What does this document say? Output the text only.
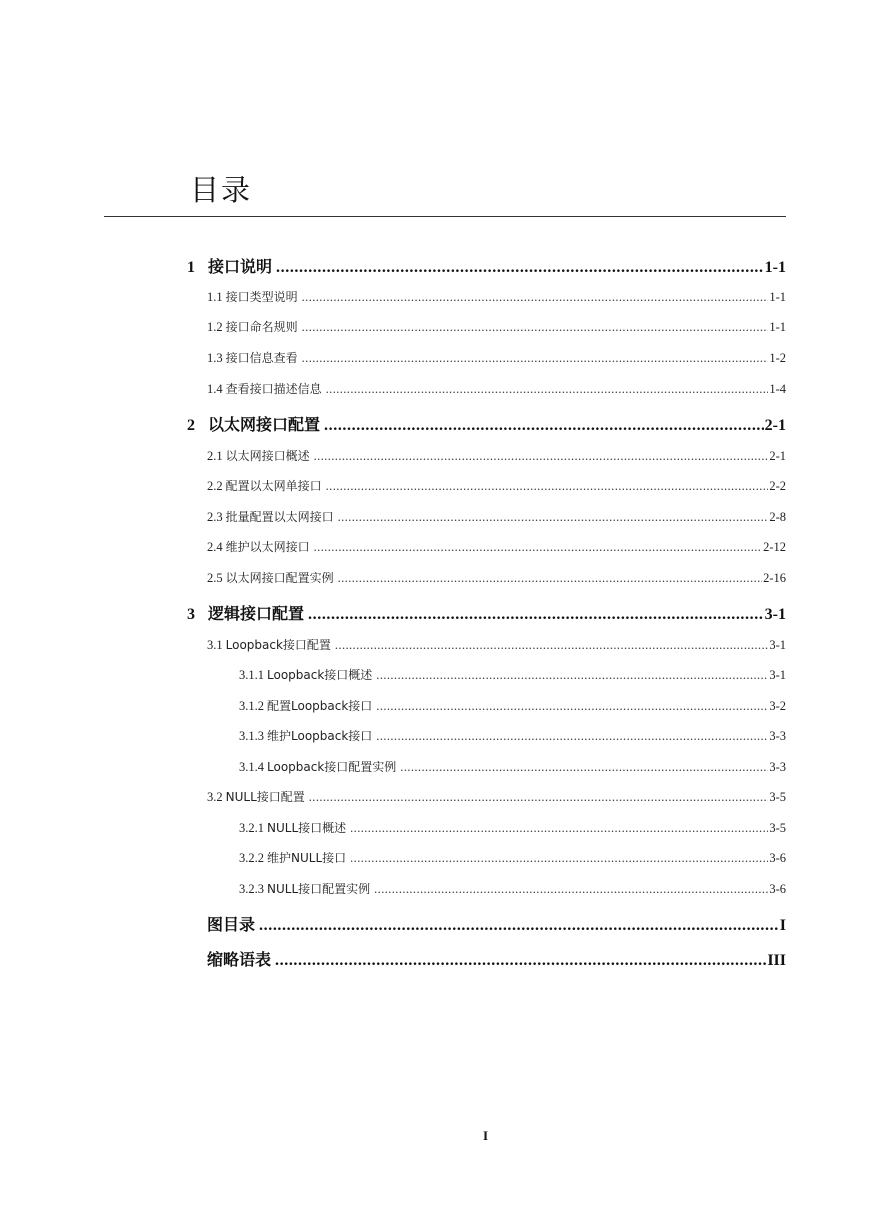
目录
1 接口说明 .....	1-1
1.1 接口类型说明 .....	1-1
1.2 接口命名规则 .....	1-1
1.3 接口信息查看 .....	1-2
1.4 查看接口描述信息 .....	1-4
2 以太网接口配置 .....	2-1
2.1 以太网接口概述 .....	2-1
2.2 配置以太网单接口 .....	2-2
2.3 批量配置以太网接口 .....	2-8
2.4 维护以太网接口 .....	2-12
2.5 以太网接口配置实例 .....	2-16
3 逻辑接口配置 .....	3-1
3.1 Loopback接口配置 .....	3-1
3.1.1 Loopback接口概述 .....	3-1
3.1.2 配置Loopback接口 .....	3-2
3.1.3 维护Loopback接口 .....	3-3
3.1.4 Loopback接口配置实例 .....	3-3
3.2 NULL接口配置 .....	3-5
3.2.1 NULL接口概述 .....	3-5
3.2.2 维护NULL接口 .....	3-6
3.2.3 NULL接口配置实例 .....	3-6
图目录 .....	I
缩略语表 .....	III
I
